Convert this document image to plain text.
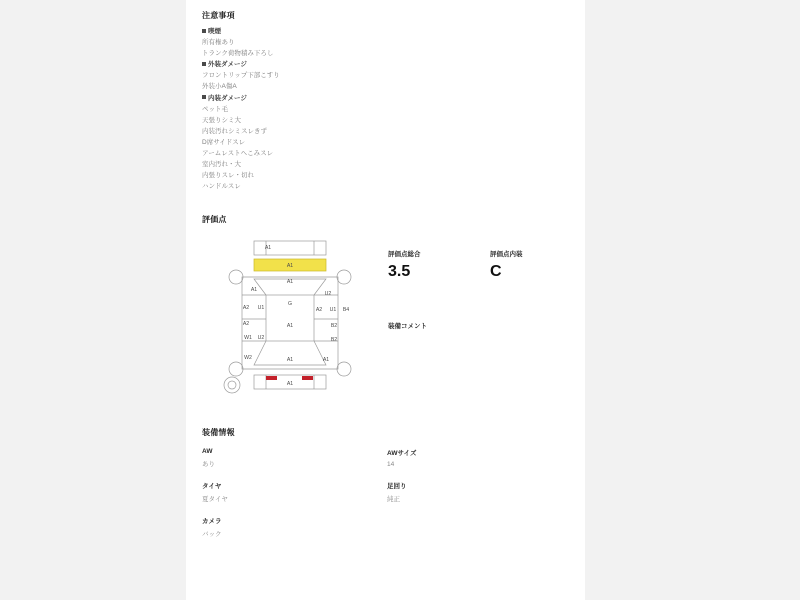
注意事項
喫煙
所有権あり
トランク荷物積み下ろし
外装ダメージ
フロントリップ下部こすり
外装小A傷A
内装ダメージ
ペット毛
天張りシミ大
内装汚れシミスレきず
D席サイドスレ
アームレストへこみスレ
室内汚れ・大
内張りスレ・切れ
ハンドルスレ
評価点
A1
A1
A1
A1
U2
A2 U1
G
A2 U1 B4
A2	A1	B2
W1 U2	B2
W2	A1	A1
A1
評価点総合
3.5
評価点内装
C
装備コメント
装備情報
AW
あり
AWサイズ
14
タイヤ
夏タイヤ
足回り
純正
カメラ
バック
